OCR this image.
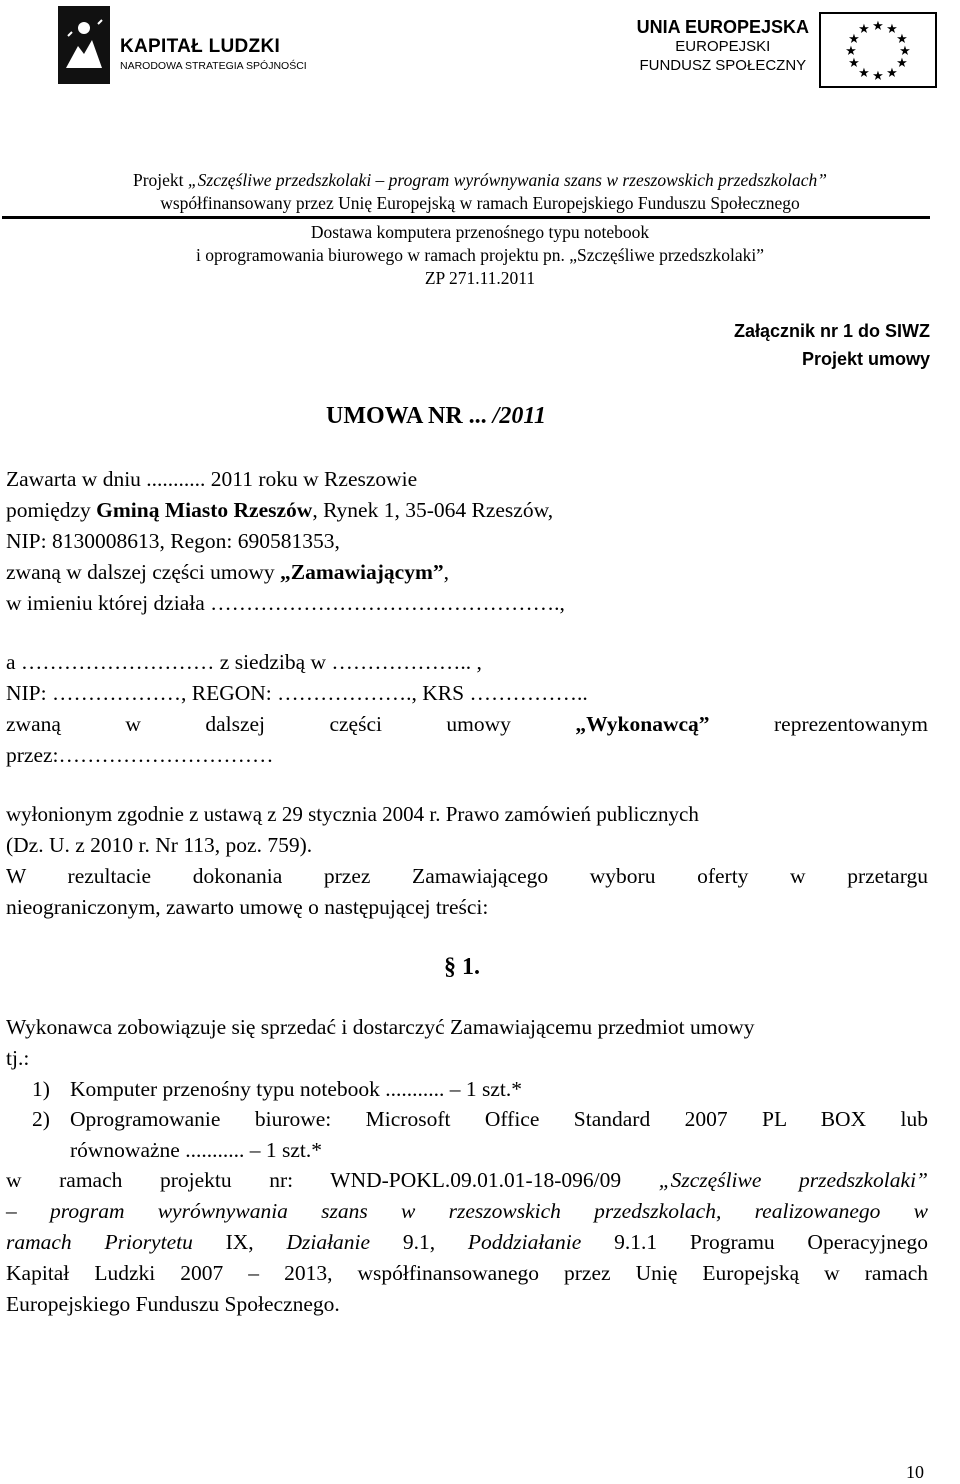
KAPITAŁ LUDZKI
NARODOWA STRATEGIA SPÓJNOŚCI
UNIA EUROPEJSKA
EUROPEJSKI
FUNDUSZ SPOŁECZNY
★ ★
★
★
★
★
★
★
★
★
★
★
Projekt „Szczęśliwe przedszkolaki – program wyrównywania szans w rzeszowskich przedszkolach”
współfinansowany przez Unię Europejską w ramach Europejskiego Funduszu Społecznego
Dostawa komputera przenośnego typu notebook
i oprogramowania biurowego w ramach projektu pn. „Szczęśliwe przedszkolaki”
ZP 271.11.2011
Załącznik nr 1 do SIWZ
Projekt umowy
UMOWA NR ... /2011
Zawarta w dniu ........... 2011 roku w Rzeszowie
pomiędzy Gminą Miasto Rzeszów, Rynek 1, 35-064 Rzeszów,
NIP: 8130008613, Regon: 690581353,
zwaną w dalszej części umowy „Zamawiającym”,
w imieniu której działa ………………………………………….,
a ……………………… z siedzibą w ……………….. ,
NIP: ………………, REGON: ………………., KRS ……………..
zwaną w dalszej części umowy „Wykonawcą” reprezentowanym
przez:…………………………
wyłonionym zgodnie z ustawą z 29 stycznia 2004 r. Prawo zamówień publicznych
(Dz. U. z 2010 r. Nr 113, poz. 759).
W rezultacie dokonania przez Zamawiającego wyboru oferty w przetargu
nieograniczonym, zawarto umowę o następującej treści:
§ 1.
Wykonawca zobowiązuje się sprzedać i dostarczyć Zamawiającemu przedmiot umowy
tj.:
1) Komputer przenośny typu notebook ........... – 1 szt.*
2) Oprogramowanie biurowe: Microsoft Office Standard 2007 PL BOX lub
równoważne ........... – 1 szt.*
w ramach projektu nr: WND-POKL.09.01.01-18-096/09 „Szczęśliwe przedszkolaki”
– program wyrównywania szans w rzeszowskich przedszkolach, realizowanego w
ramach Priorytetu IX, Działanie 9.1, Poddziałanie 9.1.1 Programu Operacyjnego
Kapitał Ludzki 2007 – 2013, współfinansowanego przez Unię Europejską w ramach
Europejskiego Funduszu Społecznego.
10
